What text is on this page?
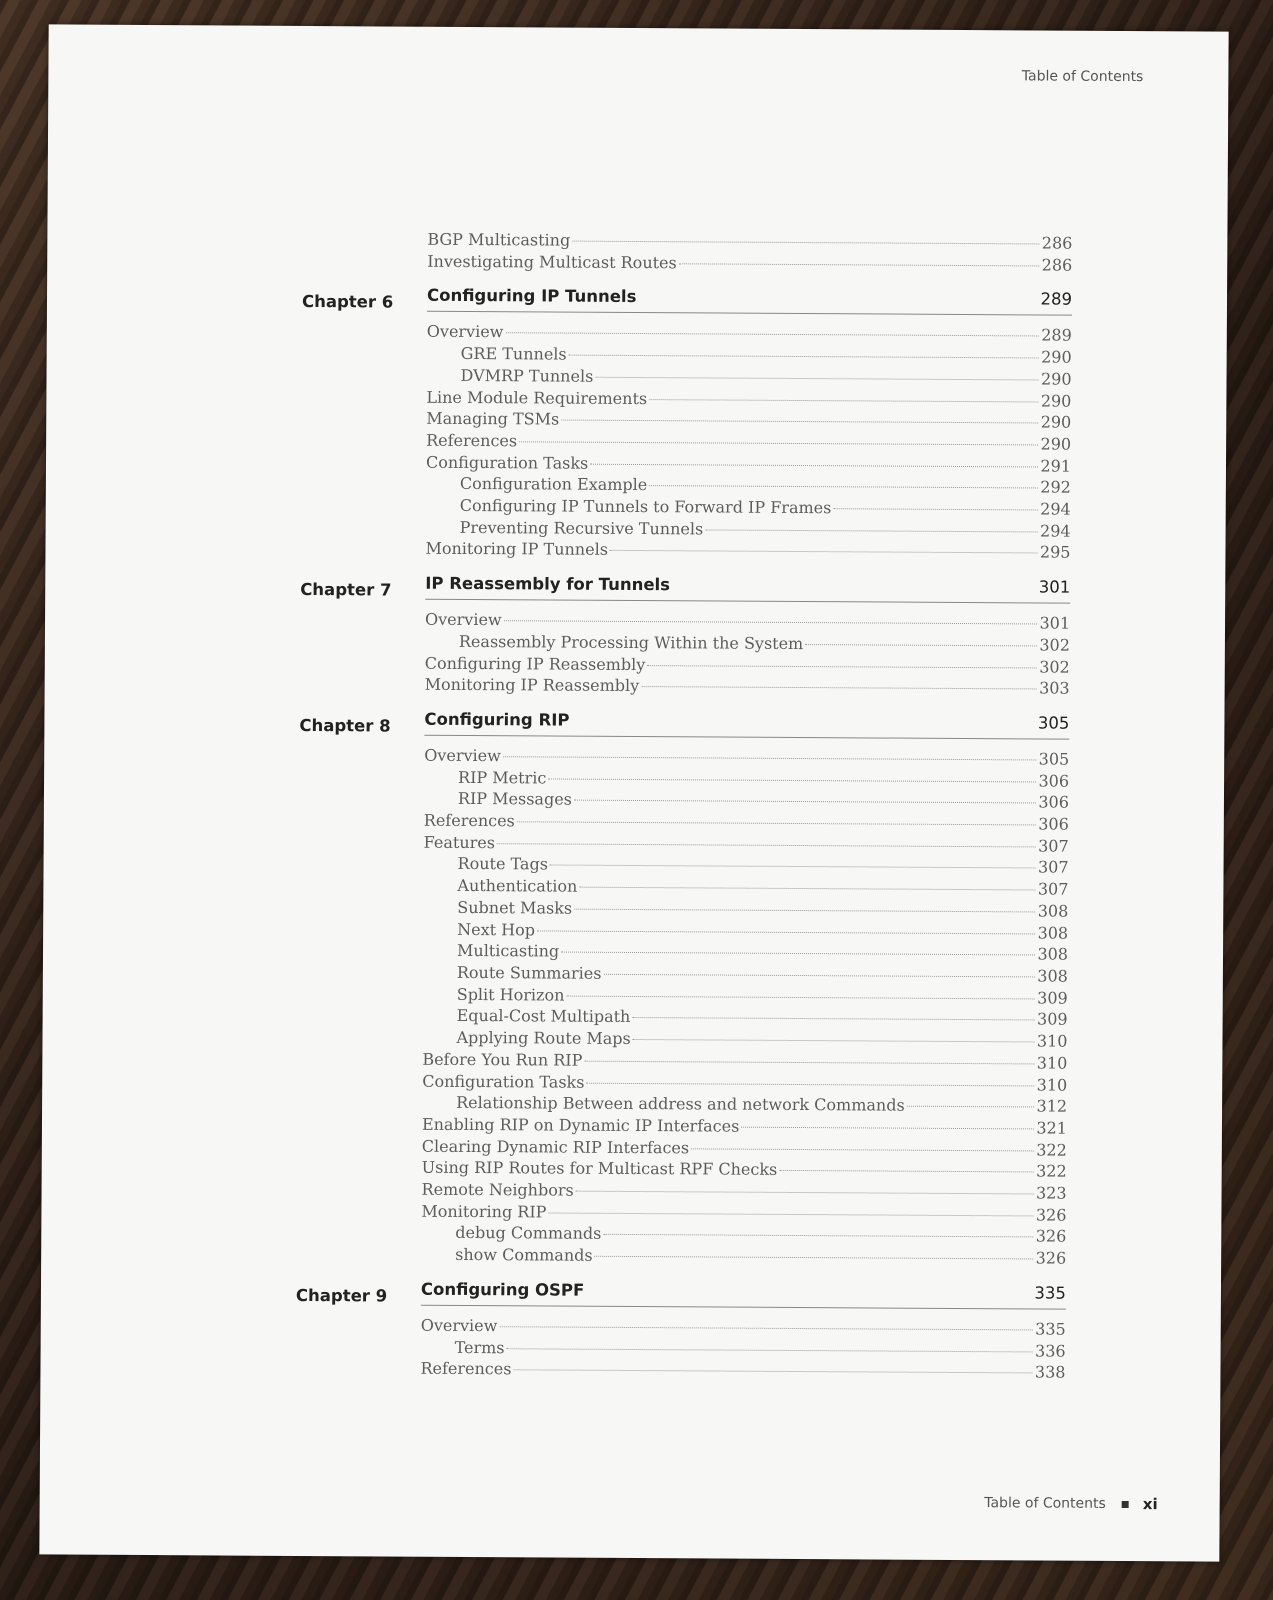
Table of Contents
BGP Multicasting	286
Investigating Multicast Routes	286
Chapter 6	Configuring IP Tunnels	289
Overview	289
GRE Tunnels	290
DVMRP Tunnels	290
Line Module Requirements	290
Managing TSMs	290
References	290
Configuration Tasks	291
Configuration Example	292
Configuring IP Tunnels to Forward IP Frames	294
Preventing Recursive Tunnels	294
Monitoring IP Tunnels	295
Chapter 7	IP Reassembly for Tunnels	301
Overview	301
Reassembly Processing Within the System	302
Configuring IP Reassembly	302
Monitoring IP Reassembly	303
Chapter 8	Configuring RIP	305
Overview	305
RIP Metric	306
RIP Messages	306
References	306
Features	307
Route Tags	307
Authentication	307
Subnet Masks	308
Next Hop	308
Multicasting	308
Route Summaries	308
Split Horizon	309
Equal-Cost Multipath	309
Applying Route Maps	310
Before You Run RIP	310
Configuration Tasks	310
Relationship Between address and network Commands	312
Enabling RIP on Dynamic IP Interfaces	321
Clearing Dynamic RIP Interfaces	322
Using RIP Routes for Multicast RPF Checks	322
Remote Neighbors	323
Monitoring RIP	326
debug Commands	326
show Commands	326
Chapter 9	Configuring OSPF	335
Overview	335
Terms	336
References	338
Table of Contents xi
